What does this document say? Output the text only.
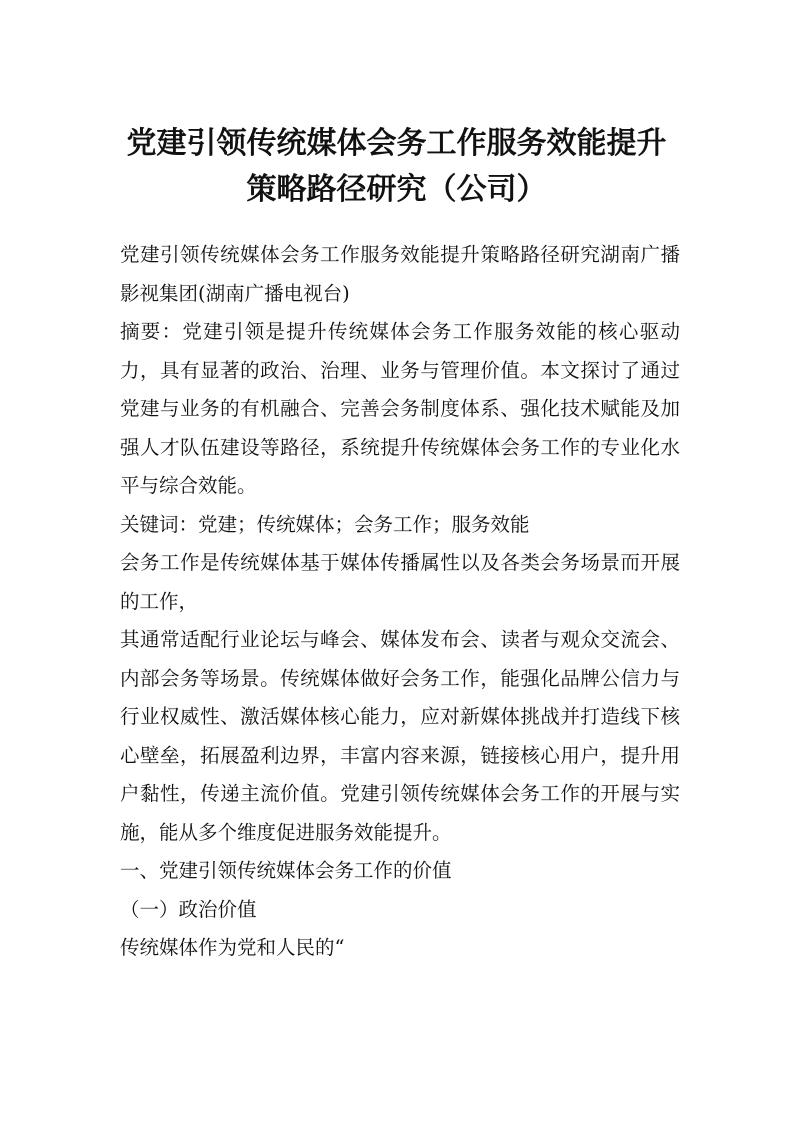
党建引领传统媒体会务工作服务效能提升
策略路径研究（公司）

党建引领传统媒体会务工作服务效能提升策略路径研究湖南广播影视集团(湖南广播电视台)

摘要：党建引领是提升传统媒体会务工作服务效能的核心驱动力，具有显著的政治、治理、业务与管理价值。本文探讨了通过党建与业务的有机融合、完善会务制度体系、强化技术赋能及加强人才队伍建设等路径，系统提升传统媒体会务工作的专业化水平与综合效能。

关键词：党建；传统媒体；会务工作；服务效能

会务工作是传统媒体基于媒体传播属性以及各类会务场景而开展的工作，

其通常适配行业论坛与峰会、媒体发布会、读者与观众交流会、内部会务等场景。传统媒体做好会务工作，能强化品牌公信力与行业权威性、激活媒体核心能力，应对新媒体挑战并打造线下核心壁垒，拓展盈利边界，丰富内容来源，链接核心用户，提升用户黏性，传递主流价值。党建引领传统媒体会务工作的开展与实施，能从多个维度促进服务效能提升。

一、党建引领传统媒体会务工作的价值

（一）政治价值

传统媒体作为党和人民的“
